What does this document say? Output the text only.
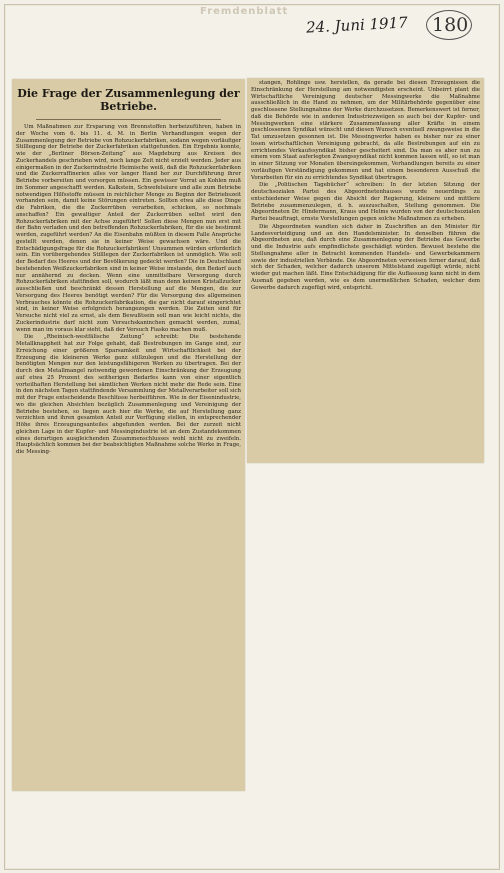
Fremdenblatt
24. Juni 1917 180
Die Frage der Zusammenlegung der Betriebe.

Um Maßnahmen zur Ersparung von Brennstoffen herbeizuführen, haben in der Woche vom 6. bis 11. d. M. in Berlin Verhandlungen wegen der Zusammenlegung der Betriebe von Rohzuckerfabriken, sodann wegen vorläufiger Stilllegung der Betriebe der Zuckerfabriken stattgefunden. Ein Ergebnis konnte, wie der „Berliner Börsen-Zeitung“ aus Magdeburg aus Kreisen des Zuckerhandels geschrieben wird, noch lange Zeit nicht erzielt werden. Jeder aus einigermaßen in der Zuckerindustrie Heimische weiß, daß die Rohzuckerfabriken und die Zuckerraffinerien alles vor langer Hand her zur Durchführung ihrer Betriebe vorbereiten und vorsorgen müssen. Ein gewisser Vorrat an Kohlen muß im Sommer angeschafft werden. Kalkstein, Schwefelsäure und alle zum Betriebe notwendigen Hilfsstoffe müssen in reichlicher Menge zu Beginn der Betriebszeit vorhanden sein, damit keine Störungen eintreten. Sollten etwa alle diese Dinge die Fabriken, die die Zuckerrüben verarbeiten, schicken, so nochmals anschaffen? Ein gewaltiger Anteil der Zuckerrüben selbst wird den Rohzuckerfabriken mit der Achse zugeführt! Sollen diese Mengen nun erst mit der Bahn verladen und den betreffenden Rohzuckerfabriken, für die sie bestimmt werden, zugeführt werden? An die Eisenbahn müßten in diesem Falle Ansprüche gestellt werden, denen sie in keiner Weise gewachsen wäre. Und die Entschädigungsfrage für die Rohzuckerfabriken! Unsummen würden erforderlich sein. Ein vorübergehendes Stilllegen der Zuckerfabriken ist unmöglich. Wie soll der Bedarf des Heeres und der Bevölkerung gedeckt werden? Die in Deutschland bestehenden Weißzuckerfabriken sind in keiner Weise imstande, den Bedarf auch nur annähernd zu decken. Wenn eine unmittelbare Versorgung durch Rohzuckerfabriken stattfinden soll, wodurch läßt man denn keinen Kristallzucker ausschließen und beschränkt dessen Herstellung auf die Mengen, die zur Versorgung des Heeres benötigt werden? Für die Versorgung des allgemeinen Verbrauches könnte die Rohzuckerfabrikation, die gar nicht darauf eingerichtet sind, in keiner Weise erfolgreich herangezogen werden. Die Zeiten sind für Versuche nicht viel zu ernst, als dem Bewußtsein soll man wie leicht nichts, die Zuckerindustrie darf nicht zum Versuchskaninchen gemacht werden, zumal, wenn man im voraus klar sieht, daß der Versuch Fiasko machen muß.

Die „Rheinisch-westfälische Zeitung“ schreibt: Die bestehende Metallknappheit hat zur Folge gehabt, daß Bestrebungen im Gange sind, zur Erreichung einer größeren Sparsamkeit und Wirtschaftlichkeit bei der Erzeugung die kleineren Werke ganz stillzulegen und die Herstellung der benötigten Mengen nur den leistungsfähigeren Werken zu übertragen. Bei der durch den Metallmangel notwendig gewordenen Einschränkung der Erzeugung auf etwa 25 Prozent des seitherigen Bedarfes kann von einer eigentlich vorteilhaften Herstellung bei sämtlichen Werken nicht mehr die Rede sein. Eine in den nächsten Tagen stattfindende Versammlung der Metallverarbeiter soll sich mit der Frage entscheidende Beschlüsse herbeiführen. Wie in der Eisenindustrie, wo die gleichen Absichten bezüglich Zusammenlegung und Vereinigung der Betriebe bestehen, so liegen auch hier die Werke, die auf Herstellung ganz verzichten und ihren gesamten Anteil zur Verfügung stellen, in entsprechender Höhe ihres Erzeugungsanteiles abgefunden werden. Bei der zurzeit nicht gleichen Lage in der Kupfer- und Messingindustrie ist an dem Zustandekommen eines derartigen ausgleichenden Zusammenschlusses wohl nicht zu zweifeln. Hauptsächlich kommen bei der beabsichtigten Maßnahme solche Werke in Frage, die Messing-

stangen, Rohlinge usw. herstellen, da gerade bei diesen Erzeugnissen die Einschränkung der Herstellung am notwendigsten erscheint. Unbeirrt plant die Wirtschaftliche Vereinigung deutscher Messingwerke die Maßnahme ausschließlich in die Hand zu nehmen, um der Militärbehörde gegenüber eine geschlossene Stellungnahme der Werke durchzusetzen. Bemerkenswert ist ferner, daß die Behörde wie in anderen Industriezweigen so auch bei der Kupfer- und Messingwerken eine stärkere Zusammenfassung aller Kräfte in einem geschlossenen Syndikat wünscht und diesen Wunsch eventuell zwangsweise in die Tat umzusetzen gesonnen ist. Die Messingwerke haben es bisher nur zu einer losen wirtschaftlichen Vereinigung gebracht, da alle Bestrebungen auf ein zu errichtendes Verkaufssyndikat bisher gescheitert sind. Da man es aber nun zu einem vom Staat auferlegten Zwangssyndikat nicht kommen lassen will, so ist man in einer Sitzung vor Monaten übereingekommen, Verhandlungen bereits zu einer vorläufigen Verständigung gekommen und hat einem besonderen Ausschuß die Vorarbeiten für ein zu errichtendes Syndikat übertragen.

Die „Politischen Tagebücher“ schreiben: In der letzten Sitzung der deutschsozialen Partei des Abgeordnetenhauses wurde neuerdings zu entschiedener Weise gegen die Absicht der Regierung, kleinere und mittlere Betriebe zusammenzulegen, d. h. auszuschalten, Stellung genommen. Die Abgeordneten Dr. Hindermann, Kraus und Helms wurden von der deutschsozialen Partei beauftragt, ernste Vorstellungen gegen solche Maßnahmen zu erheben.

Die Abgeordneten wandten sich daher in Zuschriften an den Minister für Landesverteidigung und an den Handelsminister. In denselben führen die Abgeordneten aus, daß durch eine Zusammenlegung der Betriebe das Gewerbe und die Industrie aufs empfindlichste geschädigt würden. Bewusst bestehe die Stellungnahme aller in Betracht kommenden Handels- und Gewerbekammern sowie der industriellen Verbände. Die Abgeordneten verweisen ferner darauf, daß sich der Schaden, welcher dadurch unserem Mittelstand zugefügt würde, nicht wieder gut machen läßt. Eine Entschädigung für die Auflassung kann nicht in dem Ausmaß gegeben werden, wie es dem unermeßlichen Schaden, welcher dem Gewerbe dadurch zugefügt wird, entspricht.
